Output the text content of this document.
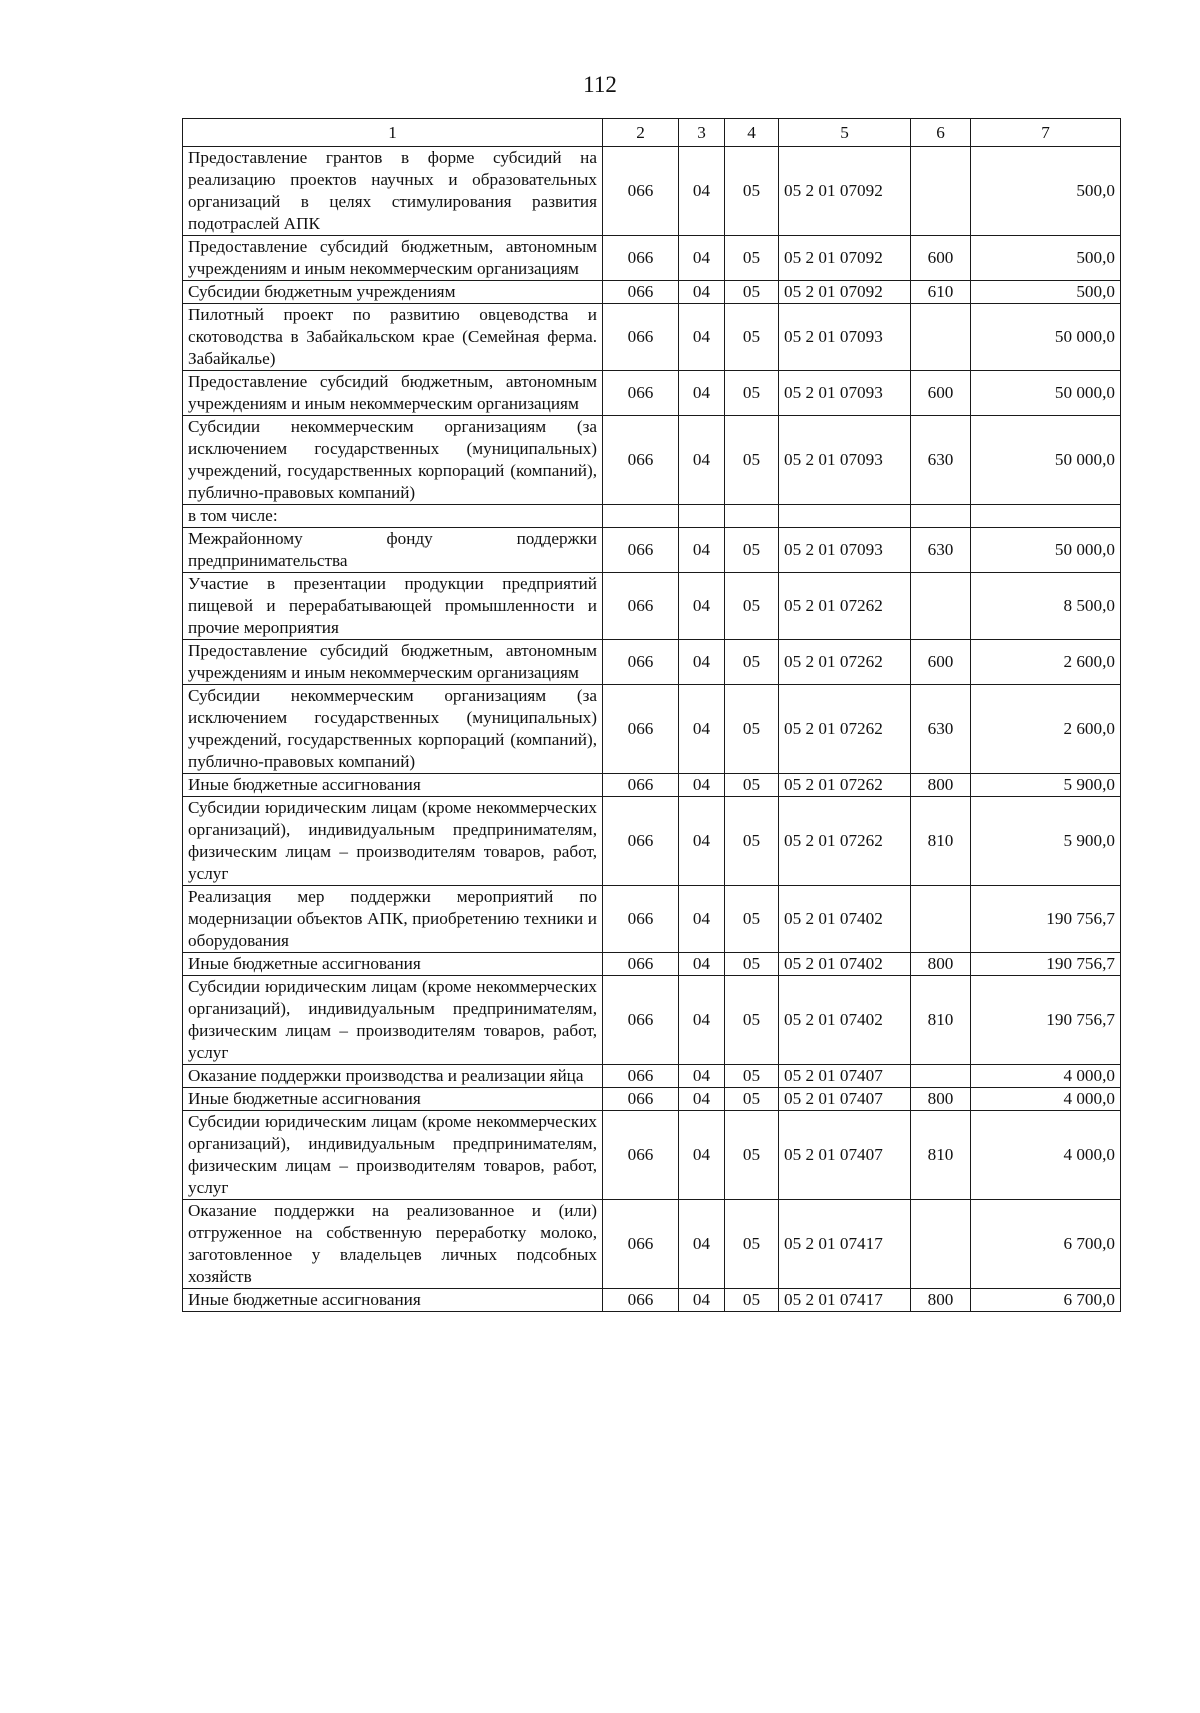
112
1	2	3	4	5	6	7
Предоставление грантов в форме субсидий на реализацию проектов научных и образовательных организаций в целях стимулирования развития подотраслей АПК	066	04	05	05 2 01 07092		500,0
Предоставление субсидий бюджетным, автономным учреждениям и иным некоммерческим организациям	066	04	05	05 2 01 07092	600	500,0
Субсидии бюджетным учреждениям	066	04	05	05 2 01 07092	610	500,0
Пилотный проект по развитию овцеводства и скотоводства в Забайкальском крае (Семейная ферма. Забайкалье)	066	04	05	05 2 01 07093		50 000,0
Предоставление субсидий бюджетным, автономным учреждениям и иным некоммерческим организациям	066	04	05	05 2 01 07093	600	50 000,0
Субсидии некоммерческим организациям (за исключением государственных (муниципальных) учреждений, государственных корпораций (компаний), публично-правовых компаний)	066	04	05	05 2 01 07093	630	50 000,0
в том числе:						
Межрайонному фонду поддержки предпринимательства	066	04	05	05 2 01 07093	630	50 000,0
Участие в презентации продукции предприятий пищевой и перерабатывающей промышленности и прочие мероприятия	066	04	05	05 2 01 07262		8 500,0
Предоставление субсидий бюджетным, автономным учреждениям и иным некоммерческим организациям	066	04	05	05 2 01 07262	600	2 600,0
Субсидии некоммерческим организациям (за исключением государственных (муниципальных) учреждений, государственных корпораций (компаний), публично-правовых компаний)	066	04	05	05 2 01 07262	630	2 600,0
Иные бюджетные ассигнования	066	04	05	05 2 01 07262	800	5 900,0
Субсидии юридическим лицам (кроме некоммерческих организаций), индивидуальным предпринимателям, физическим лицам – производителям товаров, работ, услуг	066	04	05	05 2 01 07262	810	5 900,0
Реализация мер поддержки мероприятий по модернизации объектов АПК, приобретению техники и оборудования	066	04	05	05 2 01 07402		190 756,7
Иные бюджетные ассигнования	066	04	05	05 2 01 07402	800	190 756,7
Субсидии юридическим лицам (кроме некоммерческих организаций), индивидуальным предпринимателям, физическим лицам – производителям товаров, работ, услуг	066	04	05	05 2 01 07402	810	190 756,7
Оказание поддержки производства и реализации яйца	066	04	05	05 2 01 07407		4 000,0
Иные бюджетные ассигнования	066	04	05	05 2 01 07407	800	4 000,0
Субсидии юридическим лицам (кроме некоммерческих организаций), индивидуальным предпринимателям, физическим лицам – производителям товаров, работ, услуг	066	04	05	05 2 01 07407	810	4 000,0
Оказание поддержки на реализованное и (или) отгруженное на собственную переработку молоко, заготовленное у владельцев личных подсобных хозяйств	066	04	05	05 2 01 07417		6 700,0
Иные бюджетные ассигнования	066	04	05	05 2 01 07417	800	6 700,0
